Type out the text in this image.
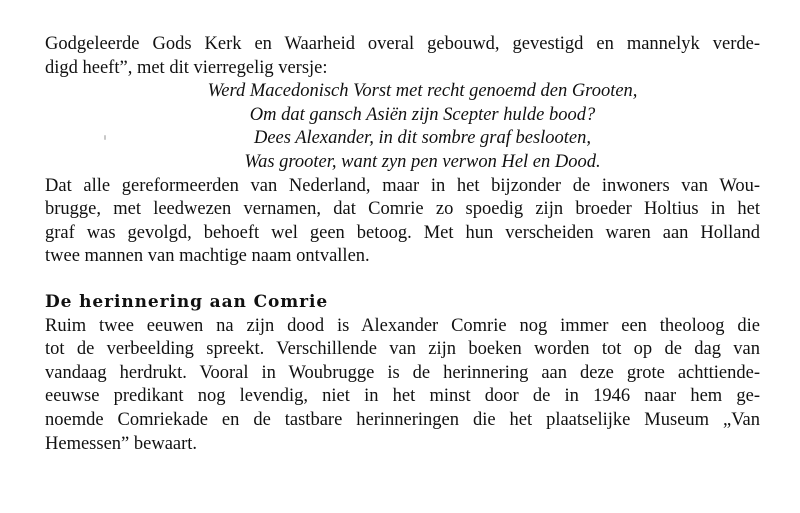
Godgeleerde Gods Kerk en Waarheid overal gebouwd, gevestigd en mannelyk verde-
digd heeft”, met dit vierregelig versje:
Werd Macedonisch Vorst met recht genoemd den Grooten,
Om dat gansch Asiën zijn Scepter hulde bood?
Dees Alexander, in dit sombre graf beslooten,
Was grooter, want zyn pen verwon Hel en Dood.
Dat alle gereformeerden van Nederland, maar in het bijzonder de inwoners van Wou-
brugge, met leedwezen vernamen, dat Comrie zo spoedig zijn broeder Holtius in het
graf was gevolgd, behoeft wel geen betoog. Met hun verscheiden waren aan Holland
twee mannen van machtige naam ontvallen.
De herinnering aan Comrie
Ruim twee eeuwen na zijn dood is Alexander Comrie nog immer een theoloog die
tot de verbeelding spreekt. Verschillende van zijn boeken worden tot op de dag van
vandaag herdrukt. Vooral in Woubrugge is de herinnering aan deze grote achttiende-
eeuwse predikant nog levendig, niet in het minst door de in 1946 naar hem ge-
noemde Comriekade en de tastbare herinneringen die het plaatselijke Museum „Van
Hemessen” bewaart.
